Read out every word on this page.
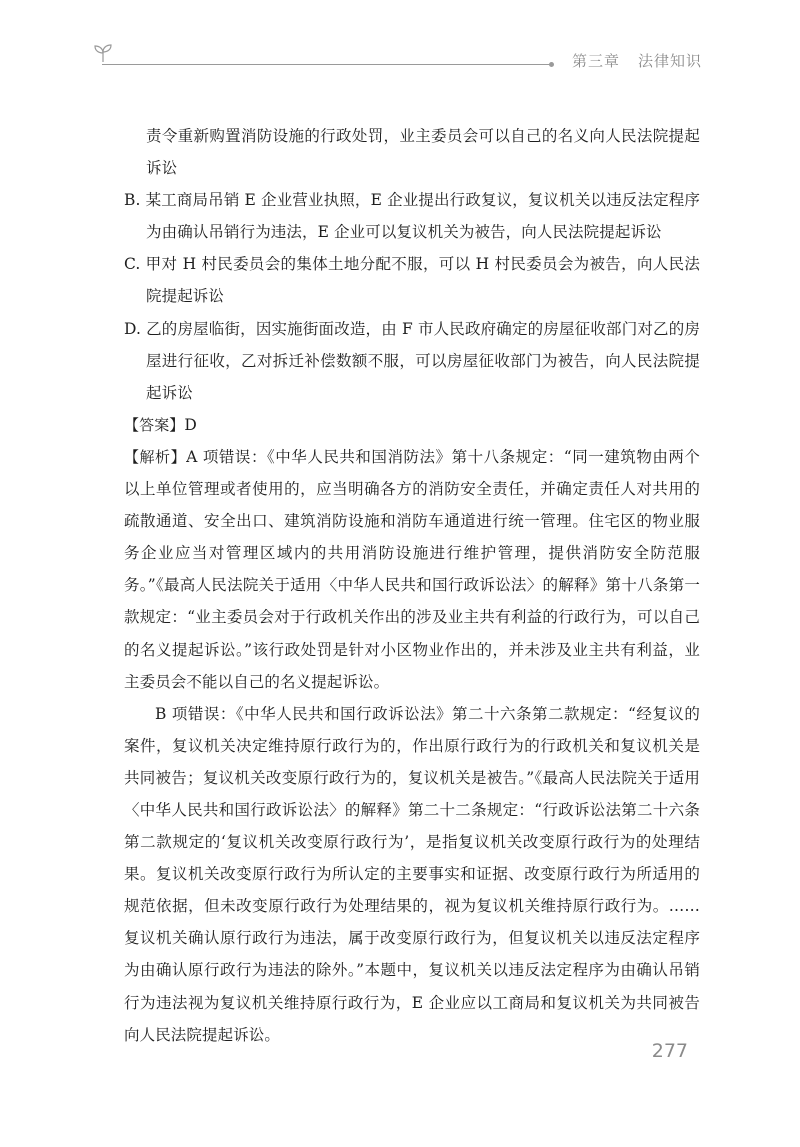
第三章 法律知识

责令重新购置消防设施的行政处罚，业主委员会可以自己的名义向人民法院提起诉讼

B. 某工商局吊销 E 企业营业执照，E 企业提出行政复议，复议机关以违反法定程序为由确认吊销行为违法，E 企业可以复议机关为被告，向人民法院提起诉讼

C. 甲对 H 村民委员会的集体土地分配不服，可以 H 村民委员会为被告，向人民法院提起诉讼

D. 乙的房屋临街，因实施街面改造，由 F 市人民政府确定的房屋征收部门对乙的房屋进行征收，乙对拆迁补偿数额不服，可以房屋征收部门为被告，向人民法院提起诉讼

【答案】D

【解析】A 项错误：《中华人民共和国消防法》第十八条规定：“同一建筑物由两个以上单位管理或者使用的，应当明确各方的消防安全责任，并确定责任人对共用的疏散通道、安全出口、建筑消防设施和消防车通道进行统一管理。住宅区的物业服务企业应当对管理区域内的共用消防设施进行维护管理，提供消防安全防范服务。”《最高人民法院关于适用〈中华人民共和国行政诉讼法〉的解释》第十八条第一款规定：“业主委员会对于行政机关作出的涉及业主共有利益的行政行为，可以自己的名义提起诉讼。”该行政处罚是针对小区物业作出的，并未涉及业主共有利益，业主委员会不能以自己的名义提起诉讼。

B 项错误：《中华人民共和国行政诉讼法》第二十六条第二款规定：“经复议的案件，复议机关决定维持原行政行为的，作出原行政行为的行政机关和复议机关是共同被告；复议机关改变原行政行为的，复议机关是被告。”《最高人民法院关于适用〈中华人民共和国行政诉讼法〉的解释》第二十二条规定：“行政诉讼法第二十六条第二款规定的‘复议机关改变原行政行为’，是指复议机关改变原行政行为的处理结果。复议机关改变原行政行为所认定的主要事实和证据、改变原行政行为所适用的规范依据，但未改变原行政行为处理结果的，视为复议机关维持原行政行为。……复议机关确认原行政行为违法，属于改变原行政行为，但复议机关以违反法定程序为由确认原行政行为违法的除外。”本题中，复议机关以违反法定程序为由确认吊销行为违法视为复议机关维持原行政行为，E 企业应以工商局和复议机关为共同被告向人民法院提起诉讼。

277
